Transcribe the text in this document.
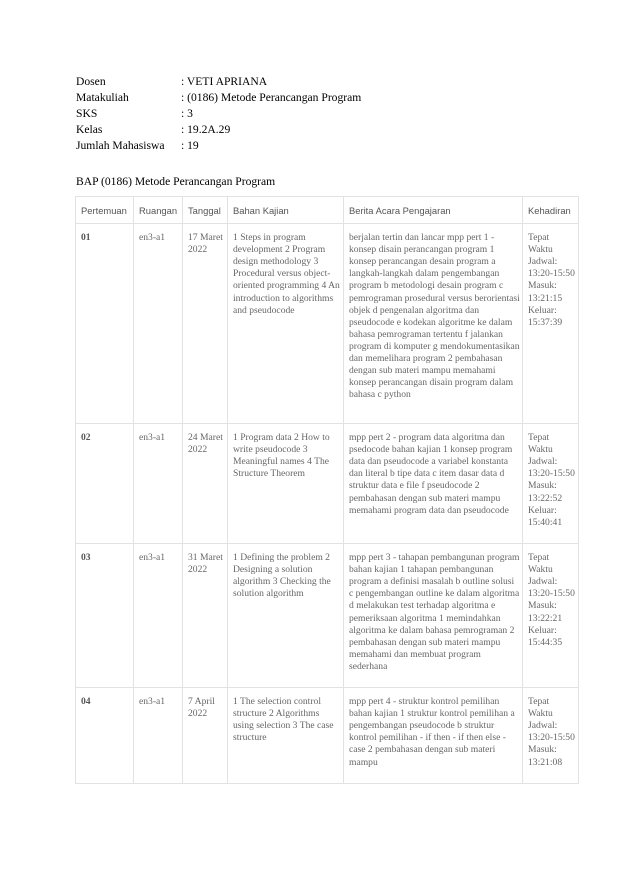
Dosen	: VETI APRIANA
Matakuliah	: (0186) Metode Perancangan Program
SKS	: 3
Kelas	: 19.2A.29
Jumlah Mahasiswa	: 19
BAP (0186) Metode Perancangan Program
Pertemuan	Ruangan	Tanggal	Bahan Kajian	Berita Acara Pengajaran	Kehadiran
01	en3-a1	17 Maret 2022	1 Steps in program development 2 Program design methodology 3 Procedural versus object-oriented programming 4 An introduction to algorithms and pseudocode	berjalan tertin dan lancar mpp pert 1 - konsep disain perancangan program 1 konsep perancangan desain program a langkah-langkah dalam pengembangan program b metodologi desain program c pemrograman prosedural versus berorientasi objek d pengenalan algoritma dan pseudocode e kodekan algoritme ke dalam bahasa pemrograman tertentu f jalankan program di komputer g mendokumentasikan dan memelihara program 2 pembahasan dengan sub materi mampu memahami konsep perancangan disain program dalam bahasa c python	Tepat Waktu Jadwal: 13:20-15:50 Masuk: 13:21:15 Keluar: 15:37:39
02	en3-a1	24 Maret 2022	1 Program data 2 How to write pseudocode 3 Meaningful names 4 The Structure Theorem	mpp pert 2 - program data algoritma dan psedocode bahan kajian 1 konsep program data dan pseudocode a variabel konstanta dan literal b tipe data c item dasar data d struktur data e file f pseudocode 2 pembahasan dengan sub materi mampu memahami program data dan pseudocode	Tepat Waktu Jadwal: 13:20-15:50 Masuk: 13:22:52 Keluar: 15:40:41
03	en3-a1	31 Maret 2022	1 Defining the problem 2 Designing a solution algorithm 3 Checking the solution algorithm	mpp pert 3 - tahapan pembangunan program bahan kajian 1 tahapan pembangunan program a definisi masalah b outline solusi c pengembangan outline ke dalam algoritma d melakukan test terhadap algoritma e pemeriksaan algoritma 1 memindahkan algoritma ke dalam bahasa pemrograman 2 pembahasan dengan sub materi mampu memahami dan membuat program sederhana	Tepat Waktu Jadwal: 13:20-15:50 Masuk: 13:22:21 Keluar: 15:44:35
04	en3-a1	7 April 2022	1 The selection control structure 2 Algorithms using selection 3 The case structure	mpp pert 4 - struktur kontrol pemilihan bahan kajian 1 struktur kontrol pemilihan a pengembangan pseudocode b struktur kontrol pemilihan - if then - if then else - case 2 pembahasan dengan sub materi mampu	Tepat Waktu Jadwal: 13:20-15:50 Masuk: 13:21:08
